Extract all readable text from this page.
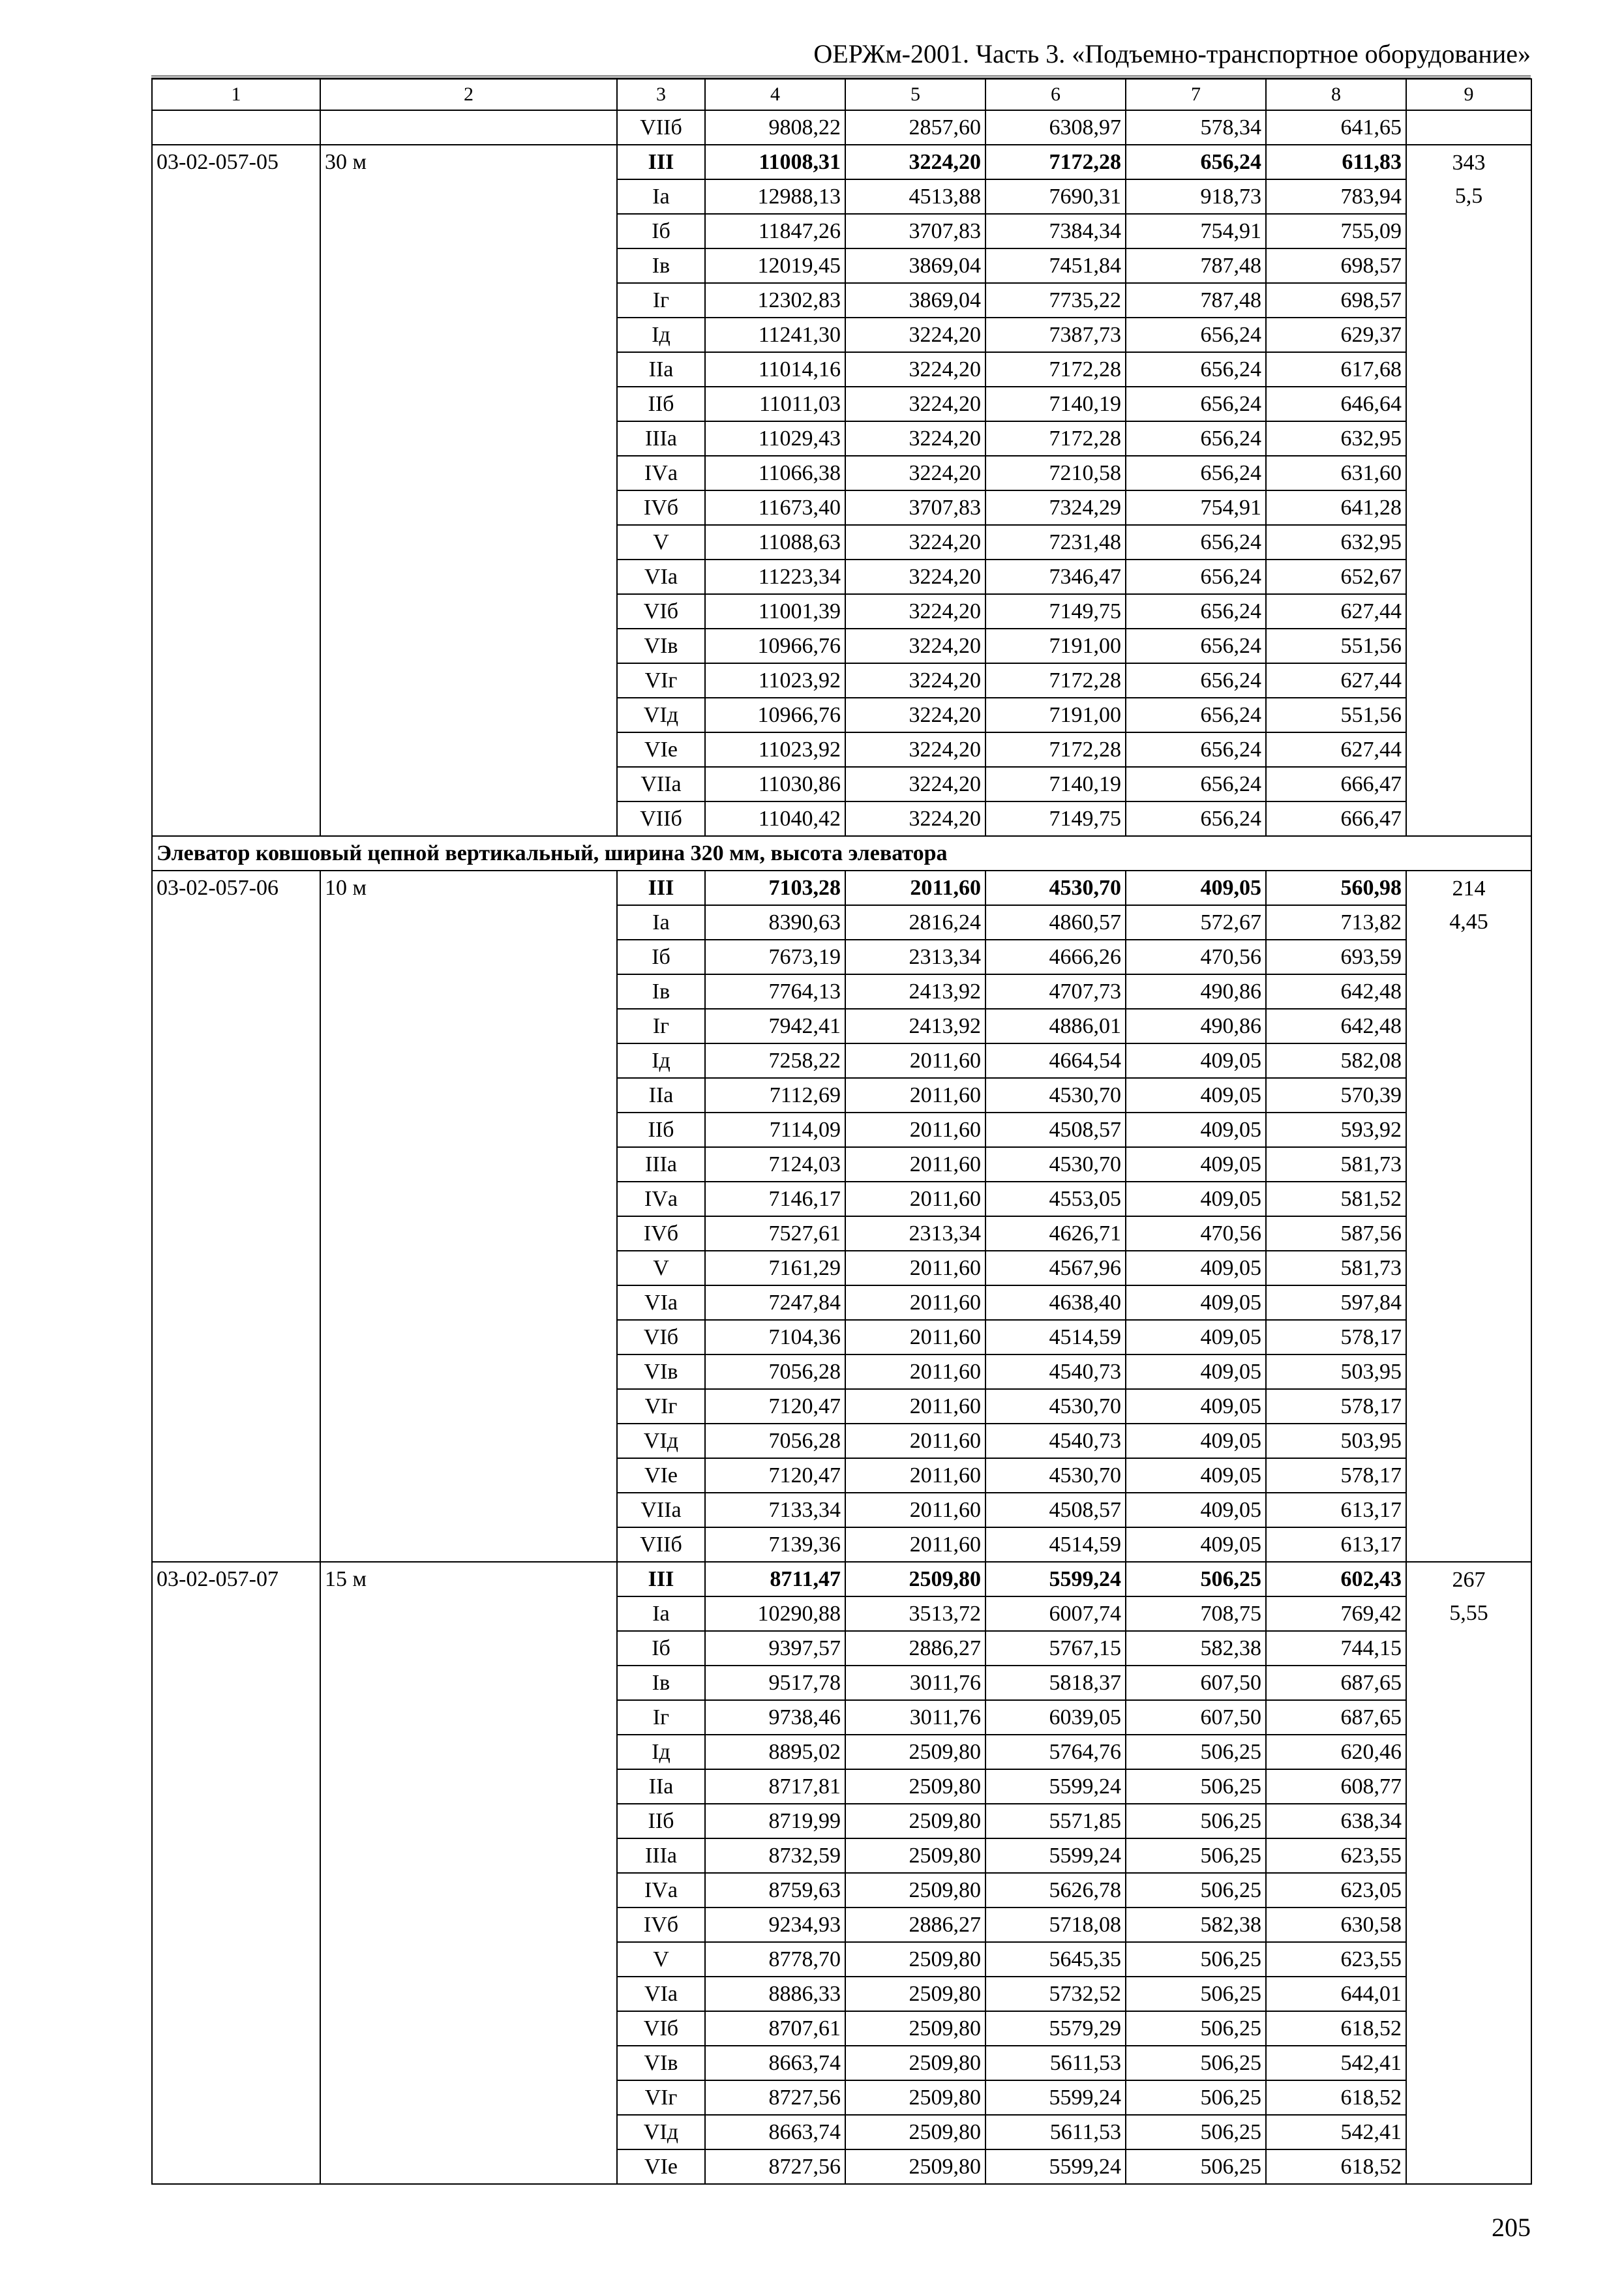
ОЕРЖм-2001. Часть 3. «Подъемно-транспортное оборудование»
1	2	3	4	5	6	7	8	9
		VIIб	9808,22	2857,60	6308,97	578,34	641,65	
03-02-057-05	30 м	III	11008,31	3224,20	7172,28	656,24	611,83	343
		Iа	12988,13	4513,88	7690,31	918,73	783,94	5,5
		Iб	11847,26	3707,83	7384,34	754,91	755,09	
		Iв	12019,45	3869,04	7451,84	787,48	698,57	
		Iг	12302,83	3869,04	7735,22	787,48	698,57	
		Iд	11241,30	3224,20	7387,73	656,24	629,37	
		IIа	11014,16	3224,20	7172,28	656,24	617,68	
		IIб	11011,03	3224,20	7140,19	656,24	646,64	
		IIIа	11029,43	3224,20	7172,28	656,24	632,95	
		IVа	11066,38	3224,20	7210,58	656,24	631,60	
		IVб	11673,40	3707,83	7324,29	754,91	641,28	
		V	11088,63	3224,20	7231,48	656,24	632,95	
		VIа	11223,34	3224,20	7346,47	656,24	652,67	
		VIб	11001,39	3224,20	7149,75	656,24	627,44	
		VIв	10966,76	3224,20	7191,00	656,24	551,56	
		VIг	11023,92	3224,20	7172,28	656,24	627,44	
		VIд	10966,76	3224,20	7191,00	656,24	551,56	
		VIе	11023,92	3224,20	7172,28	656,24	627,44	
		VIIа	11030,86	3224,20	7140,19	656,24	666,47	
		VIIб	11040,42	3224,20	7149,75	656,24	666,47	
Элеватор ковшовый цепной вертикальный, ширина 320 мм, высота элеватора								
03-02-057-06	10 м	III	7103,28	2011,60	4530,70	409,05	560,98	214
		Iа	8390,63	2816,24	4860,57	572,67	713,82	4,45
		Iб	7673,19	2313,34	4666,26	470,56	693,59	
		Iв	7764,13	2413,92	4707,73	490,86	642,48	
		Iг	7942,41	2413,92	4886,01	490,86	642,48	
		Iд	7258,22	2011,60	4664,54	409,05	582,08	
		IIа	7112,69	2011,60	4530,70	409,05	570,39	
		IIб	7114,09	2011,60	4508,57	409,05	593,92	
		IIIа	7124,03	2011,60	4530,70	409,05	581,73	
		IVа	7146,17	2011,60	4553,05	409,05	581,52	
		IVб	7527,61	2313,34	4626,71	470,56	587,56	
		V	7161,29	2011,60	4567,96	409,05	581,73	
		VIа	7247,84	2011,60	4638,40	409,05	597,84	
		VIб	7104,36	2011,60	4514,59	409,05	578,17	
		VIв	7056,28	2011,60	4540,73	409,05	503,95	
		VIг	7120,47	2011,60	4530,70	409,05	578,17	
		VIд	7056,28	2011,60	4540,73	409,05	503,95	
		VIе	7120,47	2011,60	4530,70	409,05	578,17	
		VIIа	7133,34	2011,60	4508,57	409,05	613,17	
		VIIб	7139,36	2011,60	4514,59	409,05	613,17	
03-02-057-07	15 м	III	8711,47	2509,80	5599,24	506,25	602,43	267
		Iа	10290,88	3513,72	6007,74	708,75	769,42	5,55
		Iб	9397,57	2886,27	5767,15	582,38	744,15	
		Iв	9517,78	3011,76	5818,37	607,50	687,65	
		Iг	9738,46	3011,76	6039,05	607,50	687,65	
		Iд	8895,02	2509,80	5764,76	506,25	620,46	
		IIа	8717,81	2509,80	5599,24	506,25	608,77	
		IIб	8719,99	2509,80	5571,85	506,25	638,34	
		IIIа	8732,59	2509,80	5599,24	506,25	623,55	
		IVа	8759,63	2509,80	5626,78	506,25	623,05	
		IVб	9234,93	2886,27	5718,08	582,38	630,58	
		V	8778,70	2509,80	5645,35	506,25	623,55	
		VIа	8886,33	2509,80	5732,52	506,25	644,01	
		VIб	8707,61	2509,80	5579,29	506,25	618,52	
		VIв	8663,74	2509,80	5611,53	506,25	542,41	
		VIг	8727,56	2509,80	5599,24	506,25	618,52	
		VIд	8663,74	2509,80	5611,53	506,25	542,41	
		VIе	8727,56	2509,80	5599,24	506,25	618,52	
205
